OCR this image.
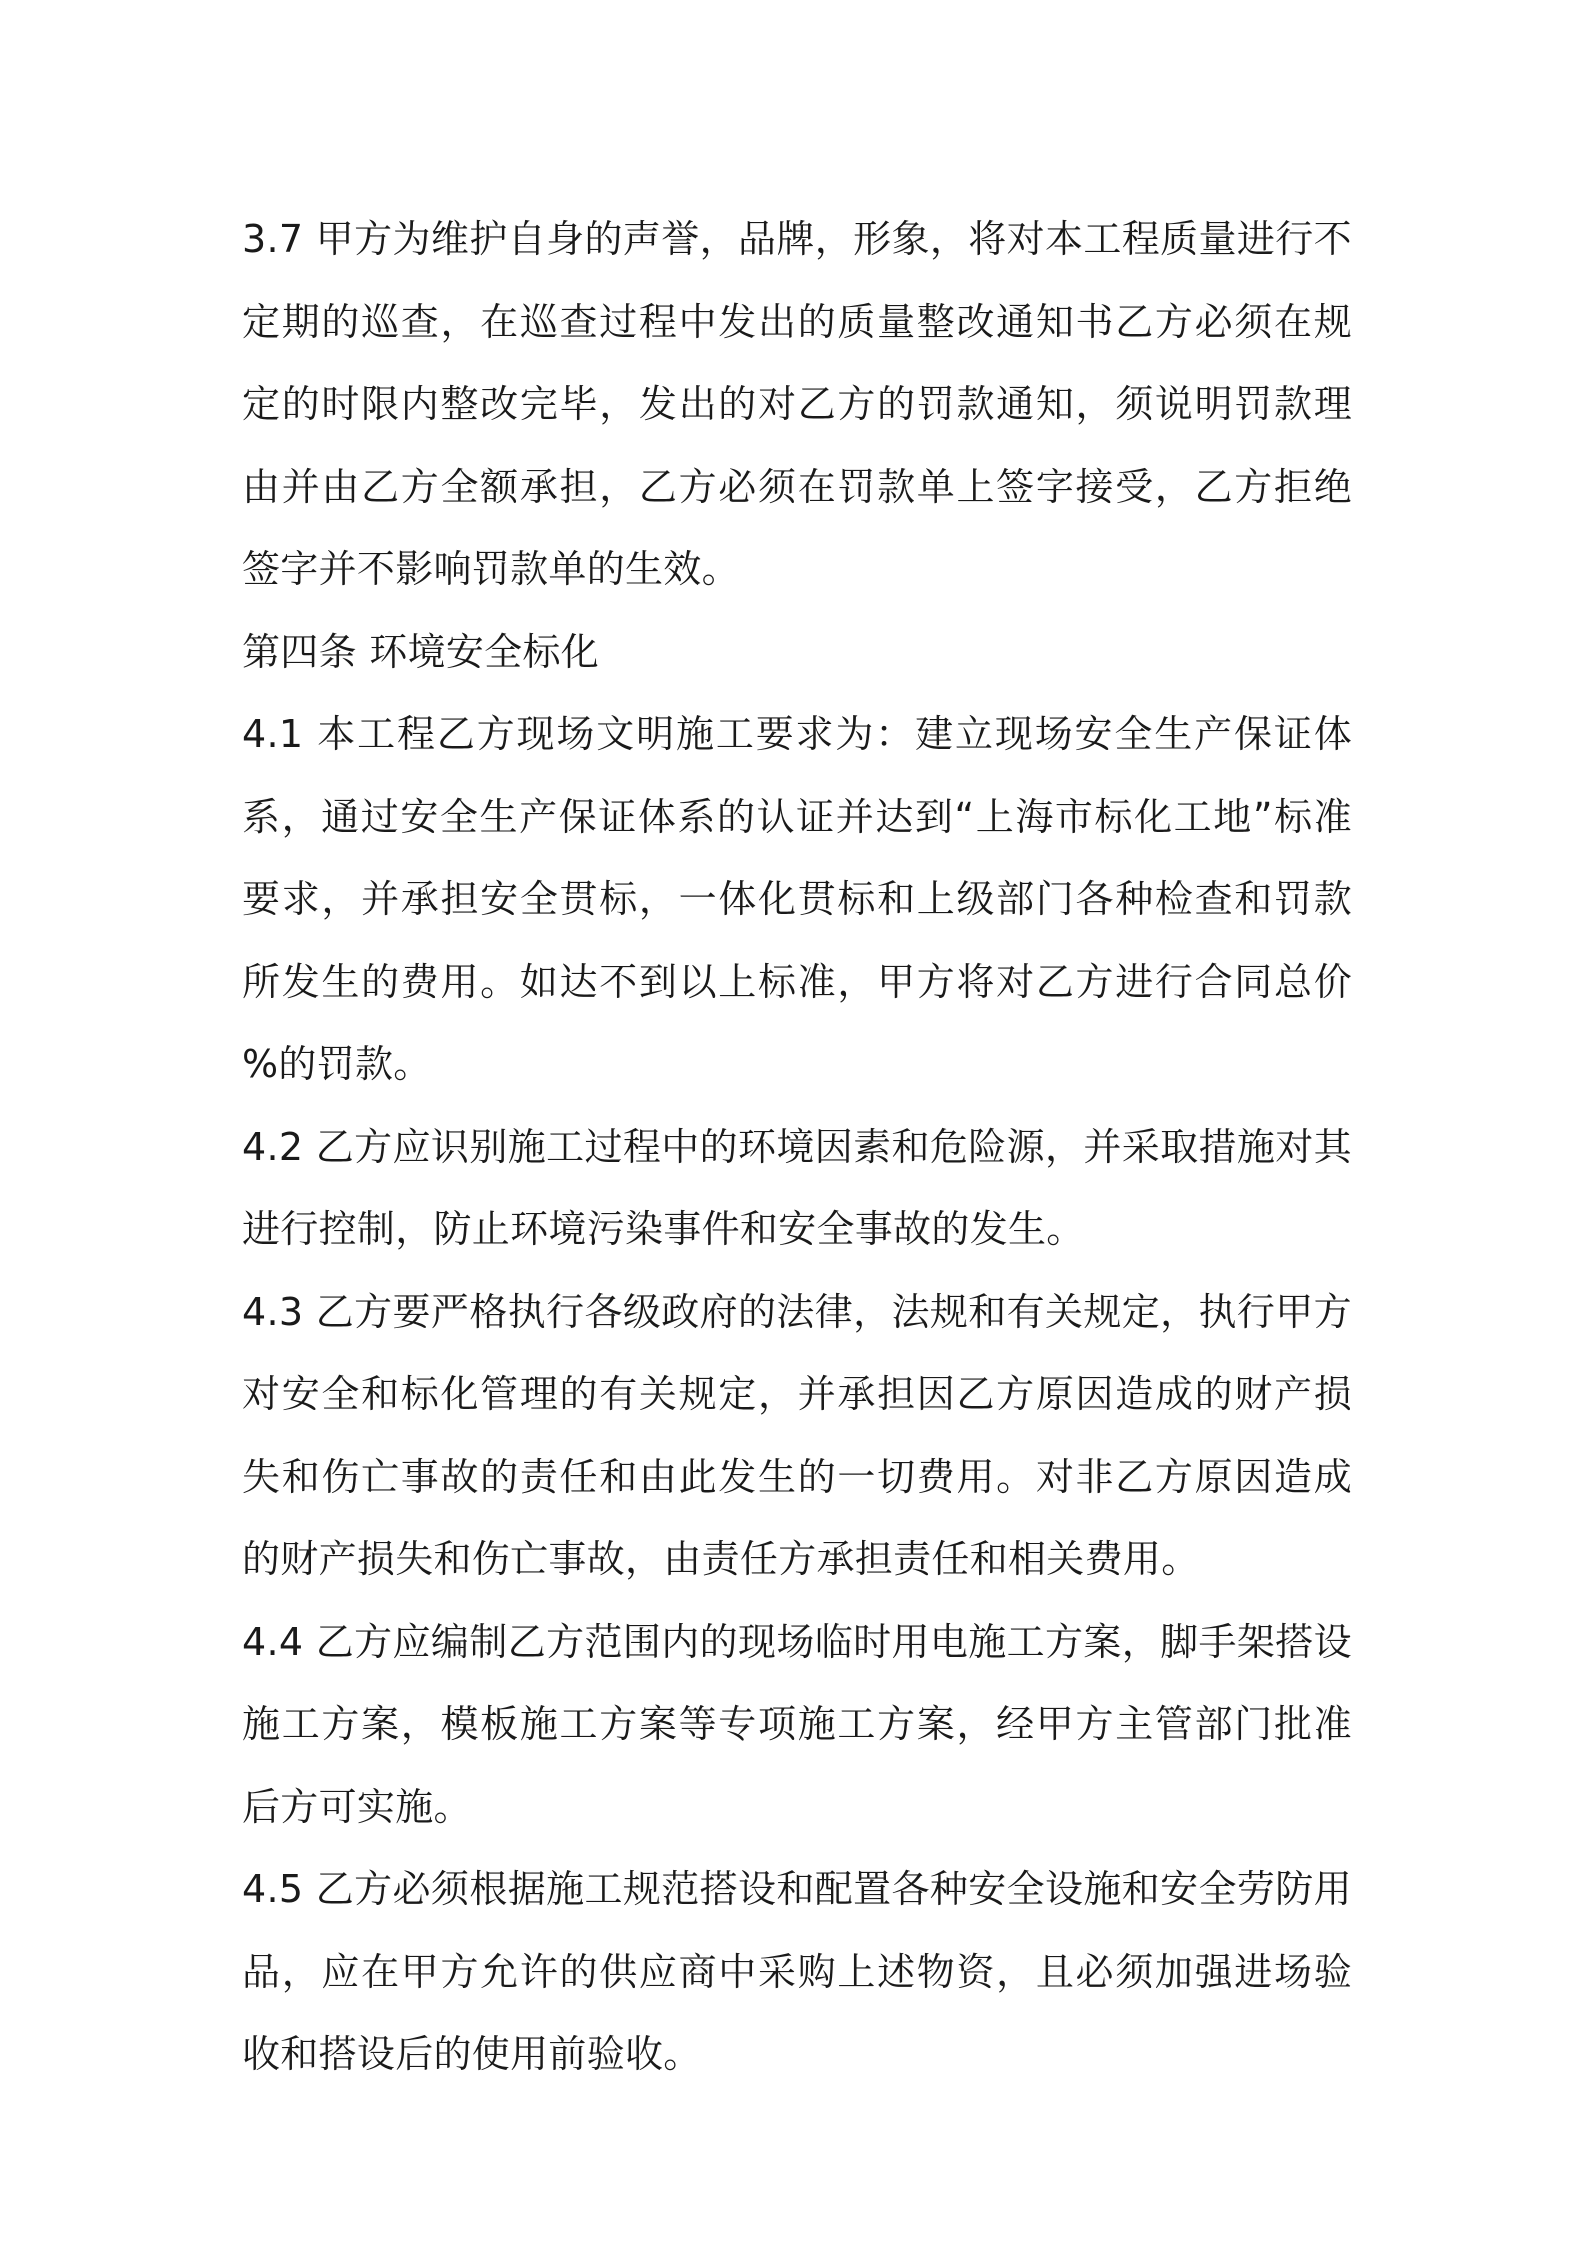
3.7 甲方为维护自身的声誉，品牌，形象，将对本工程质量进行不定期的巡查，在巡查过程中发出的质量整改通知书乙方必须在规定的时限内整改完毕，发出的对乙方的罚款通知，须说明罚款理由并由乙方全额承担，乙方必须在罚款单上签字接受，乙方拒绝签字并不影响罚款单的生效。

第四条 环境安全标化

4.1 本工程乙方现场文明施工要求为：建立现场安全生产保证体系，通过安全生产保证体系的认证并达到“上海市标化工地”标准要求，并承担安全贯标，一体化贯标和上级部门各种检查和罚款所发生的费用。如达不到以上标准，甲方将对乙方进行合同总价 %的罚款。

4.2 乙方应识别施工过程中的环境因素和危险源，并采取措施对其进行控制，防止环境污染事件和安全事故的发生。

4.3 乙方要严格执行各级政府的法律，法规和有关规定，执行甲方对安全和标化管理的有关规定，并承担因乙方原因造成的财产损失和伤亡事故的责任和由此发生的一切费用。对非乙方原因造成的财产损失和伤亡事故，由责任方承担责任和相关费用。

4.4 乙方应编制乙方范围内的现场临时用电施工方案，脚手架搭设施工方案，模板施工方案等专项施工方案，经甲方主管部门批准后方可实施。

4.5 乙方必须根据施工规范搭设和配置各种安全设施和安全劳防用品，应在甲方允许的供应商中采购上述物资，且必须加强进场验收和搭设后的使用前验收。
